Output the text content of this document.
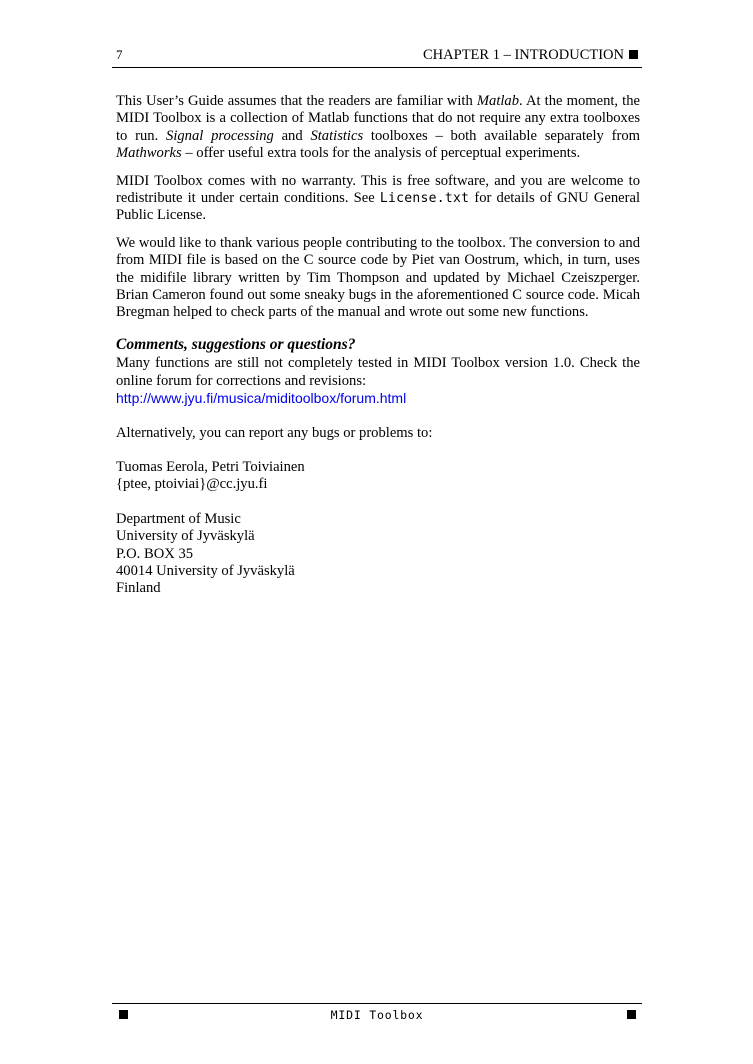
7	CHAPTER 1 – INTRODUCTION

This User’s Guide assumes that the readers are familiar with Matlab. At the moment, the MIDI Toolbox is a collection of Matlab functions that do not require any extra toolboxes to run. Signal processing and Statistics toolboxes – both available separately from Mathworks – offer useful extra tools for the analysis of perceptual experiments.

MIDI Toolbox comes with no warranty. This is free software, and you are welcome to redistribute it under certain conditions. See License.txt for details of GNU General Public License.

We would like to thank various people contributing to the toolbox. The conversion to and from MIDI file is based on the C source code by Piet van Oostrum, which, in turn, uses the midifile library written by Tim Thompson and updated by Michael Czeiszperger. Brian Cameron found out some sneaky bugs in the aforementioned C source code. Micah Bregman helped to check parts of the manual and wrote out some new functions.

Comments, suggestions or questions?

Many functions are still not completely tested in MIDI Toolbox version 1.0. Check the online forum for corrections and revisions:

http://www.jyu.fi/musica/miditoolbox/forum.html
Alternatively, you can report any bugs or problems to:
Tuomas Eerola, Petri Toiviainen
{ptee, ptoiviai}@cc.jyu.fi
Department of Music
University of Jyväskylä
P.O. BOX 35
40014 University of Jyväskylä
Finland
MIDI Toolbox
